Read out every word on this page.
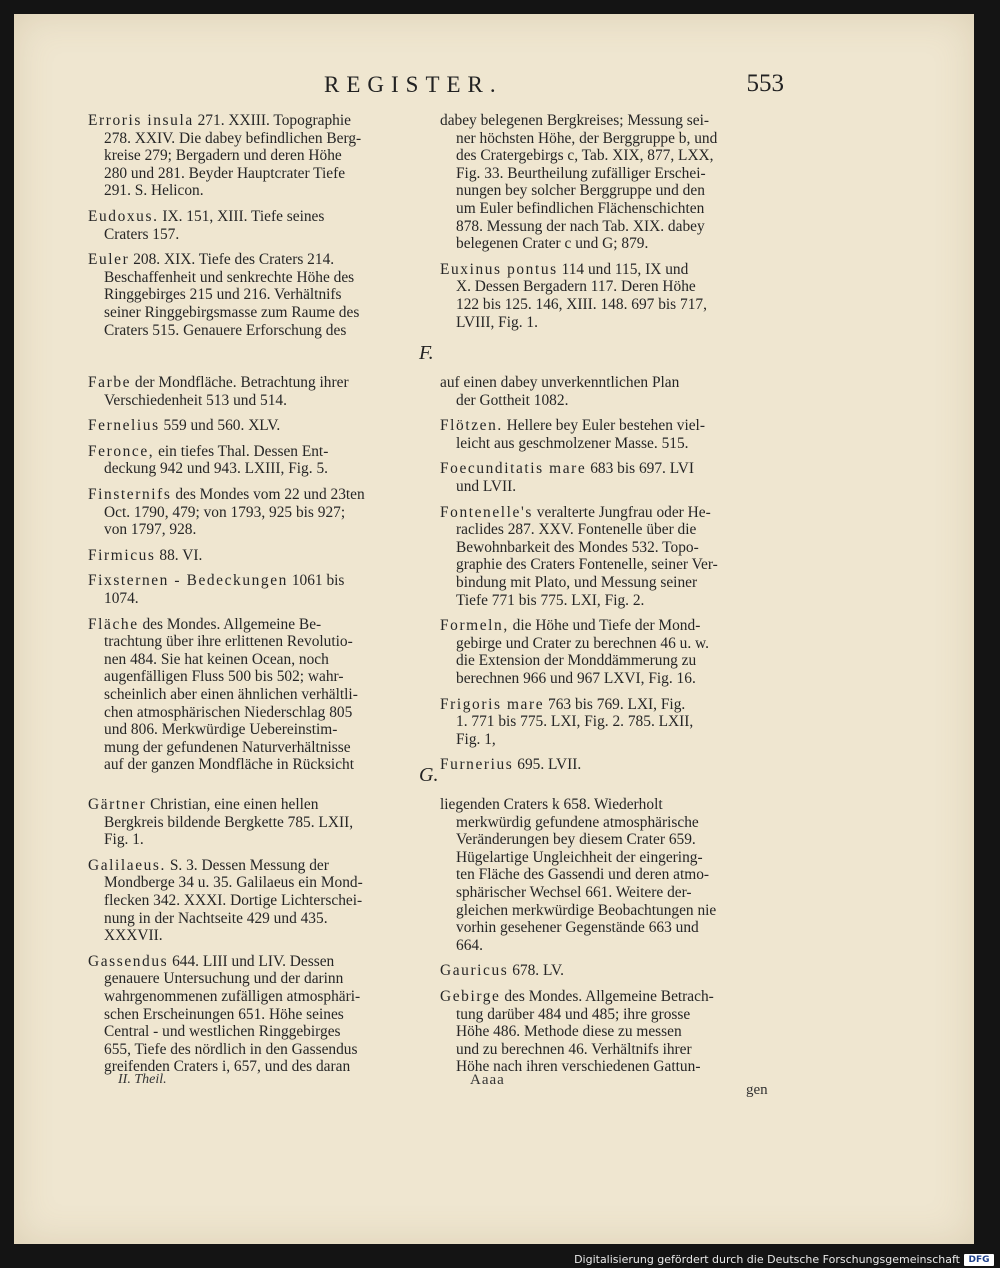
REGISTER.	553
Erroris insula 271. XXIII. Topographie
278. XXIV. Die dabey befindlichen Berg-
kreise 279; Bergadern und deren Höhe
280 und 281. Beyder Hauptcrater Tiefe
291. S. Helicon.
Eudoxus. IX. 151, XIII. Tiefe seines
Craters 157.
Euler 208. XIX. Tiefe des Craters 214.
Beschaffenheit und senkrechte Höhe des
Ringgebirges 215 und 216. Verhältnifs
seiner Ringgebirgsmasse zum Raume des
Craters 515. Genauere Erforschung des
dabey belegenen Bergkreises; Messung sei-
ner höchsten Höhe, der Berggruppe b, und
des Cratergebirgs c, Tab. XIX, 877, LXX,
Fig. 33. Beurtheilung zufälliger Erschei-
nungen bey solcher Berggruppe und den
um Euler befindlichen Flächenschichten
878. Messung der nach Tab. XIX. dabey
belegenen Crater c und G; 879.
Euxinus pontus 114 und 115, IX und
X. Dessen Bergadern 117. Deren Höhe
122 bis 125. 146, XIII. 148. 697 bis 717,
LVIII, Fig. 1.
F.
Farbe der Mondfläche. Betrachtung ihrer
Verschiedenheit 513 und 514.
Fernelius 559 und 560. XLV.
Feronce, ein tiefes Thal. Dessen Ent-
deckung 942 und 943. LXIII, Fig. 5.
Finsternifs des Mondes vom 22 und 23ten
Oct. 1790, 479; von 1793, 925 bis 927;
von 1797, 928.
Firmicus 88. VI.
Fixsternen - Bedeckungen 1061 bis
1074.
Fläche des Mondes. Allgemeine Be-
trachtung über ihre erlittenen Revolutio-
nen 484. Sie hat keinen Ocean, noch
augenfälligen Fluss 500 bis 502; wahr-
scheinlich aber einen ähnlichen verhältli-
chen atmosphärischen Niederschlag 805
und 806. Merkwürdige Uebereinstim-
mung der gefundenen Naturverhältnisse
auf der ganzen Mondfläche in Rücksicht
auf einen dabey unverkenntlichen Plan
der Gottheit 1082.
Flötzen. Hellere bey Euler bestehen viel-
leicht aus geschmolzener Masse. 515.
Foecunditatis mare 683 bis 697. LVI
und LVII.
Fontenelle's veralterte Jungfrau oder He-
raclides 287. XXV. Fontenelle über die
Bewohnbarkeit des Mondes 532. Topo-
graphie des Craters Fontenelle, seiner Ver-
bindung mit Plato, und Messung seiner
Tiefe 771 bis 775. LXI, Fig. 2.
Formeln, die Höhe und Tiefe der Mond-
gebirge und Crater zu berechnen 46 u. w.
die Extension der Monddämmerung zu
berechnen 966 und 967 LXVI, Fig. 16.
Frigoris mare 763 bis 769. LXI, Fig.
1. 771 bis 775. LXI, Fig. 2. 785. LXII,
Fig. 1,
Furnerius 695. LVII.
G.
Gärtner Christian, eine einen hellen
Bergkreis bildende Bergkette 785. LXII,
Fig. 1.
Galilaeus. S. 3. Dessen Messung der
Mondberge 34 u. 35. Galilaeus ein Mond-
flecken 342. XXXI. Dortige Lichterschei-
nung in der Nachtseite 429 und 435.
XXXVII.
Gassendus 644. LIII und LIV. Dessen
genauere Untersuchung und der darinn
wahrgenommenen zufälligen atmosphäri-
schen Erscheinungen 651. Höhe seines
Central - und westlichen Ringgebirges
655, Tiefe des nördlich in den Gassendus
greifenden Craters i, 657, und des daran
liegenden Craters k 658. Wiederholt
merkwürdig gefundene atmosphärische
Veränderungen bey diesem Crater 659.
Hügelartige Ungleichheit der eingering-
ten Fläche des Gassendi und deren atmo-
sphärischer Wechsel 661. Weitere der-
gleichen merkwürdige Beobachtungen nie
vorhin gesehener Gegenstände 663 und
664.
Gauricus 678. LV.
Gebirge des Mondes. Allgemeine Betrach-
tung darüber 484 und 485; ihre grosse
Höhe 486. Methode diese zu messen
und zu berechnen 46. Verhältnifs ihrer
Höhe nach ihren verschiedenen Gattun-
II. Theil.	Aaaa
gen
Digitalisierung gefördert durch die Deutsche Forschungsgemeinschaft DFG
